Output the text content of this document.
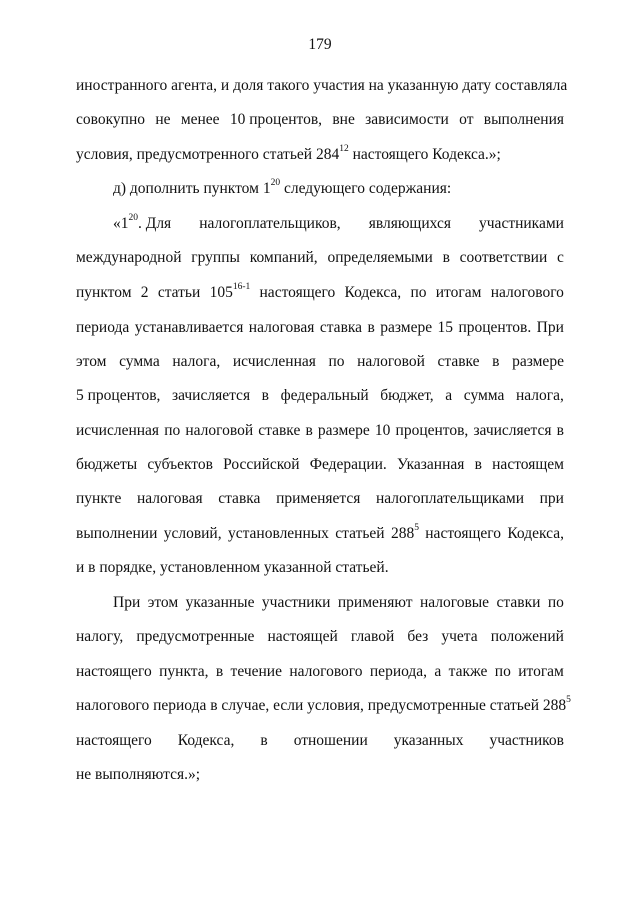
179
иностранного агента, и доля такого участия на указанную дату составляла
совокупно не менее 10 процентов, вне зависимости от выполнения
условия, предусмотренного статьей $284^{12}$ настоящего Кодекса.»;
д) дополнить пунктом $1^{20}$ следующего содержания:
«$1^{20}$. Для налогоплательщиков, являющихся участниками
международной группы компаний, определяемыми в соответствии с
пунктом 2 статьи 105$^{16-1}$ настоящего Кодекса, по итогам налогового
периода устанавливается налоговая ставка в размере 15 процентов. При
этом сумма налога, исчисленная по налоговой ставке в размере
5 процентов, зачисляется в федеральный бюджет, а сумма налога,
исчисленная по налоговой ставке в размере 10 процентов, зачисляется в
бюджеты субъектов Российской Федерации. Указанная в настоящем
пункте налоговая ставка применяется налогоплательщиками при
выполнении условий, установленных статьей $288^5$ настоящего Кодекса,
и в порядке, установленном указанной статьей.
При этом указанные участники применяют налоговые ставки по
налогу, предусмотренные настоящей главой без учета положений
настоящего пункта, в течение налогового периода, а также по итогам
налогового периода в случае, если условия, предусмотренные статьей $288^5$
настоящего Кодекса, в отношении указанных участников
не выполняются.»;
